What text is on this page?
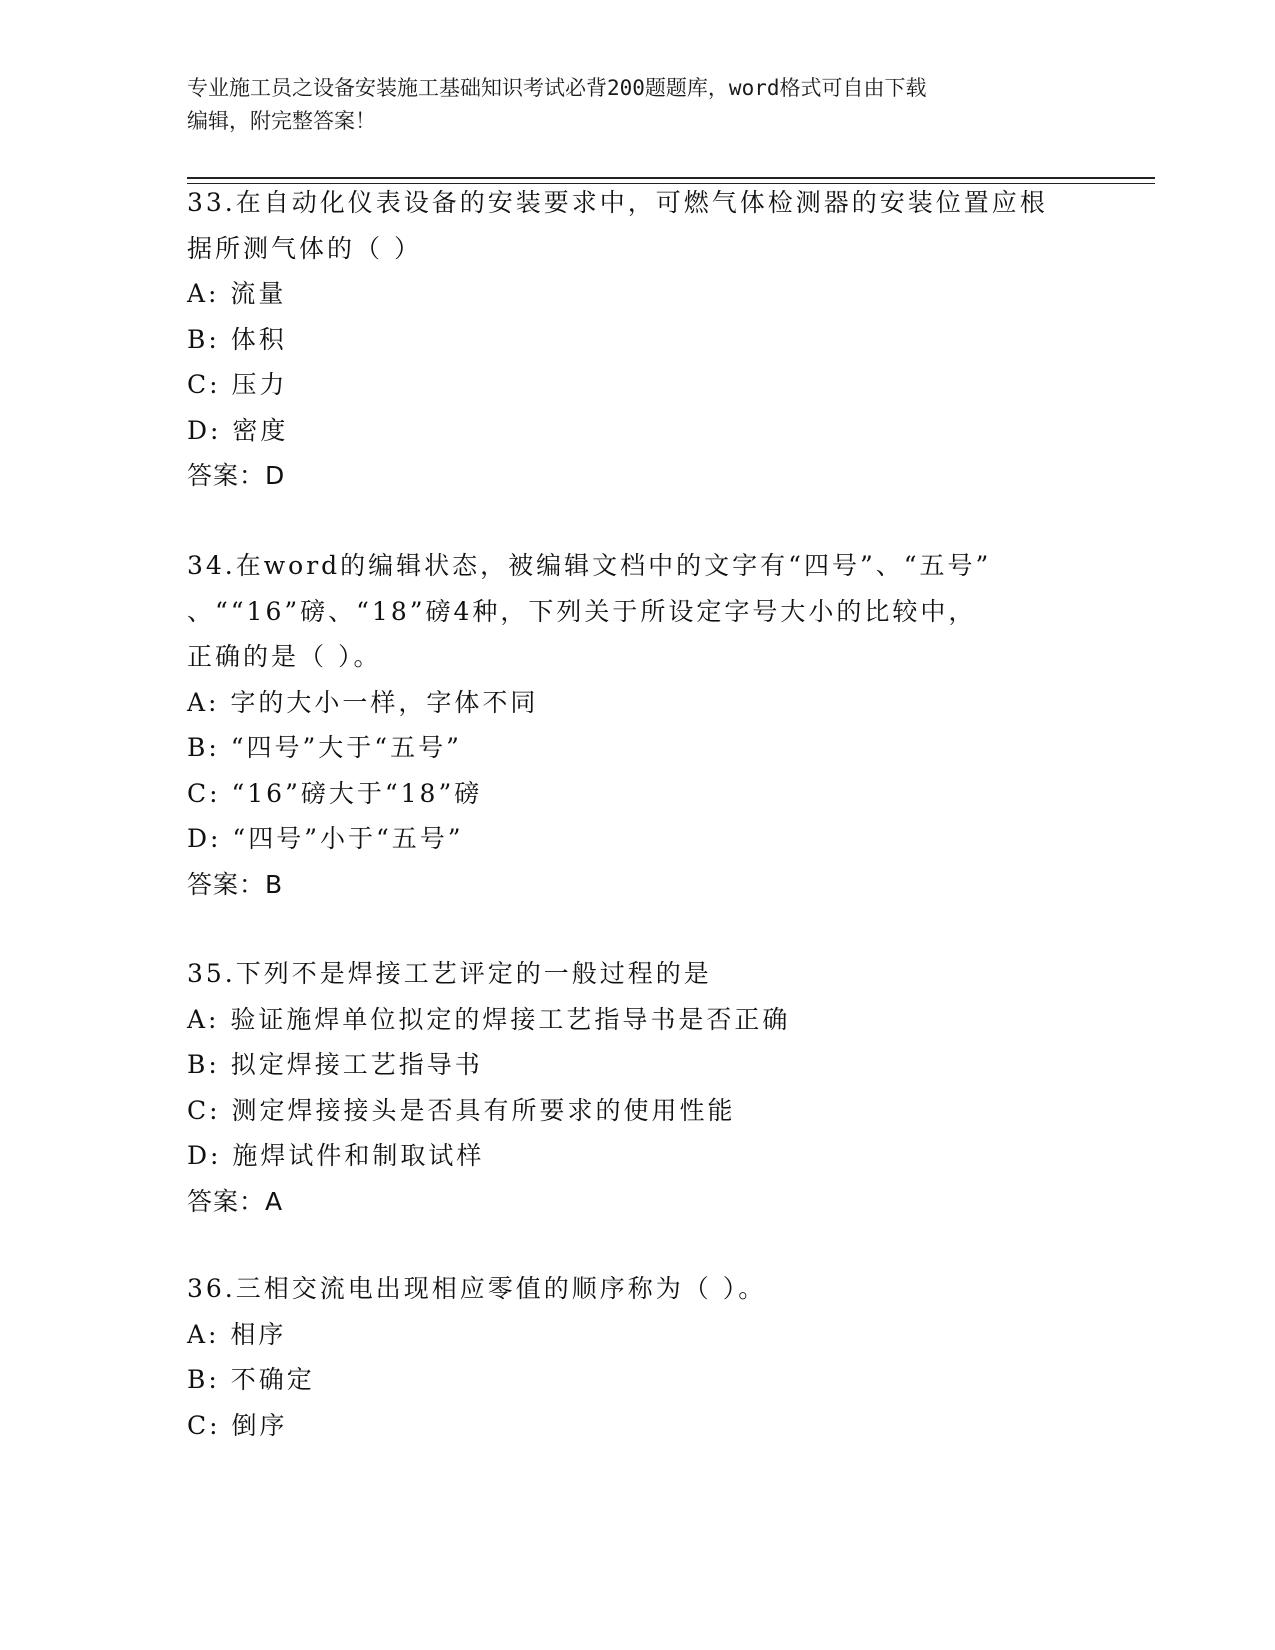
专业施工员之设备安装施工基础知识考试必背200题题库，word格式可自由下载
编辑，附完整答案！

33.在自动化仪表设备的安装要求中，可燃气体检测器的安装位置应根

据所测气体的（ ）

A: 流量

B: 体积

C: 压力

D: 密度

答案：D

34.在word的编辑状态，被编辑文档中的文字有“四号”、“五号”

、““16”磅、“18”磅4种，下列关于所设定字号大小的比较中，

正确的是（ ）。

A: 字的大小一样，字体不同

B: “四号”大于“五号”

C: “16”磅大于“18”磅

D: “四号”小于“五号”

答案：B

35.下列不是焊接工艺评定的一般过程的是

A: 验证施焊单位拟定的焊接工艺指导书是否正确

B: 拟定焊接工艺指导书

C: 测定焊接接头是否具有所要求的使用性能

D: 施焊试件和制取试样

答案：A

36.三相交流电出现相应零值的顺序称为（ ）。

A: 相序

B: 不确定

C: 倒序
